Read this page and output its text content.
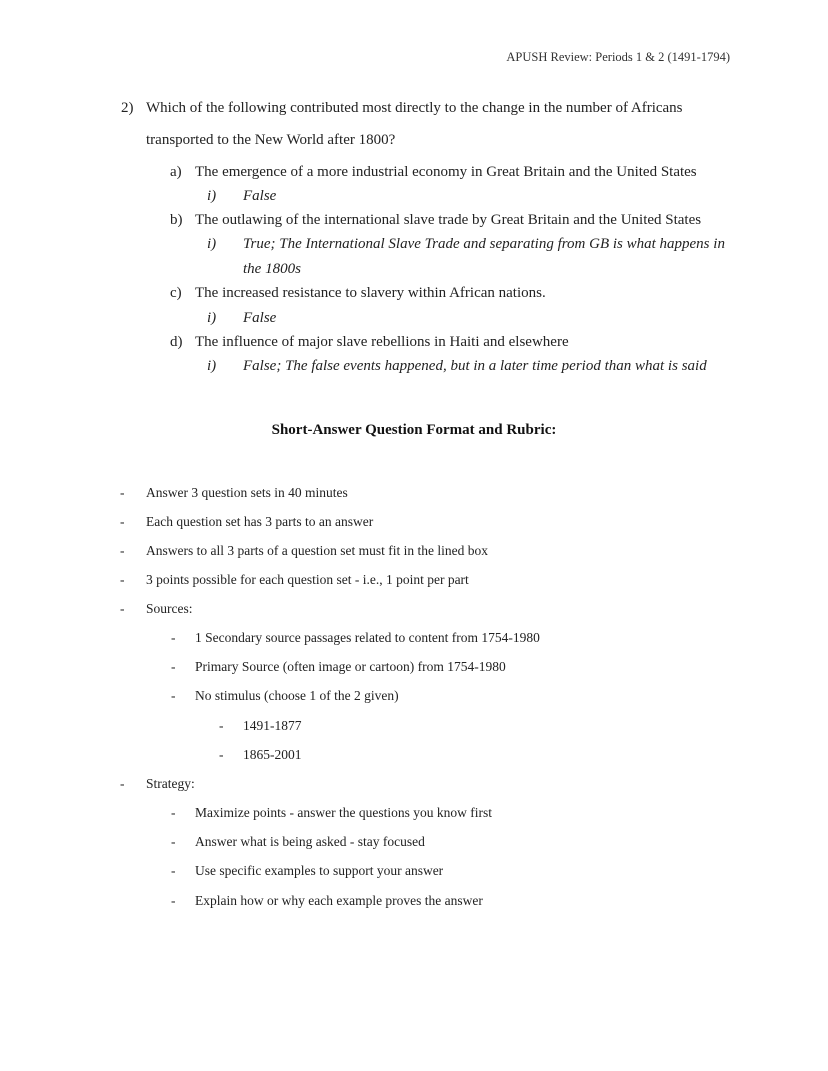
APUSH Review: Periods 1 & 2 (1491-1794)
2) Which of the following contributed most directly to the change in the number of Africans
transported to the New World after 1800?
a) The emergence of a more industrial economy in Great Britain and the United States
i) False
b) The outlawing of the international slave trade by Great Britain and the United States
i) True; The International Slave Trade and separating from GB is what happens in
the 1800s
c) The increased resistance to slavery within African nations.
i) False
d) The influence of major slave rebellions in Haiti and elsewhere
i) False; The false events happened, but in a later time period than what is said
Short-Answer Question Format and Rubric:
- Answer 3 question sets in 40 minutes
- Each question set has 3 parts to an answer
- Answers to all 3 parts of a question set must fit in the lined box
- 3 points possible for each question set - i.e., 1 point per part
- Sources:
- 1 Secondary source passages related to content from 1754-1980
- Primary Source (often image or cartoon) from 1754-1980
- No stimulus (choose 1 of the 2 given)
- 1491-1877
- 1865-2001
- Strategy:
- Maximize points - answer the questions you know first
- Answer what is being asked - stay focused
- Use specific examples to support your answer
- Explain how or why each example proves the answer
